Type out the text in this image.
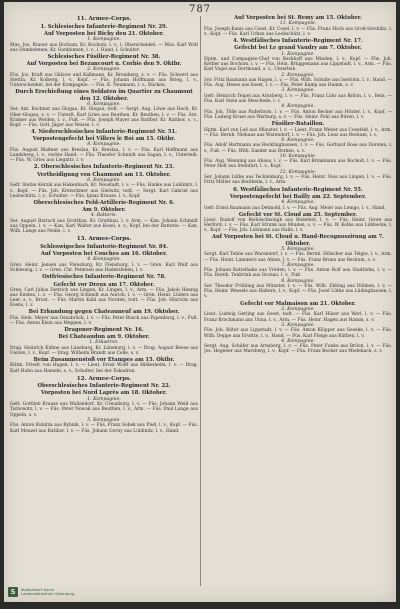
787
11. Armee-Corps.
1. Schlesisches Infanterie-Regiment Nr. 29.
Auf Vorposten bei Bichy den 21. Oktober.
1. Kompagnie.
Mus. Jos. Brauer aus Bochum, Kr. Bochum, l. v., l. Oberschenkel. — Mus. Karl Wolf aus Dumkehmen, Kr. Gumbinnen, l. v., l. Hand, l. Schulter.
Schlesisches Füsilier-Regiment Nr. 38.
Auf Vorposten bei Bezancourt u. Corbie den 9. Oktbr.
2. Kompagnie.
Füs. Jos. Kraft aus Gülzow und Kallmann, Kr. Bromberg, s. v. — Füs. Schwert aus Stettin, Kr. Kolberg, l. v., Kopf. — Füs. Johann Hoffmann aus Brieg, l. v., Unterschenkel, bei der Kompagnie. — Füs. K. Neumann, l. v., Rücken.
Durch Erschießung eines Soldaten im Quartier zu Chaumont den 12. Oktober.
6. Kompagnie.
Ser. Ant. Buchner aus Glogau, Kr. Glogau, todt. — Sergt. Aug. Löwe aus Hoch, Kr. Ober-Glogau, s. v. — Unterlt. Karl Gries aus Beuthen, Kr. Beuthen, l. v. — Füs. Arn. Kramer aus Weiden, l. v., Fuß. — Füs. Joseph Mayer aus Ratibor, Kr. Ratibor, s. v., Kopf. — Füs. Gott. Jäger aus Neisse, l. v.
4. Niederschlesisches Infanterie-Regiment Nr. 51.
Vorpostengefecht bei Villers le Roi am 15. Oktbr.
8. Kompagnie.
Füs. August Blaßner aus Breslau, Kr. Breslau, l. v. — Füs. Karl Hoffmann aus Landsberg, l. v., rechte Hand. — Füs. Theodor Schmidt aus Sagan, l. v., Unterleib. — Füs. W. Gries aus Liegnitz, l. v.
2. Oberschlesisches Infanterie-Regiment Nr. 23.
Vertheidigung von Chaumont am 13. Oktober.
6. Kompagnie.
Gefr. Stefan Kerzik aus Hakenbach, Kr. Neustadt, l. v. — Füs. Hanke aus Lublinitz, l. v., Kopf. — Füs. Joh. Kretschmer aus Gleiwitz, todt. — Sergt. Karl Gabriel aus Leobschütz, l. v., Schulter. — Füs. Ignaz Krause, l. v., Kopf.
Oberschlesisches Feld-Artillerie-Regiment Nr. 6.
Am 9. Oktober.
4. Batterie.
Ser. August Bartsch aus Grottkau, Kr. Grottkau, l. v. Arm. — Kan. Johann Schmidt aus Oppeln, l. v. — Kan. Karl Walter aus Kosel, s. v., Kopf, bei der Batterie. — Kan. Wilh. Lange aus Neiße, l. v.
13. Armee-Corps.
Schleswigsches Infanterie-Regiment Nr. 84.
Auf Vorposten bei Conches am 16. Oktober.
4. Kompagnie.
Gren. Heinr. Jensen aus Flensburg, Kr. Flensburg, l. v. — Gren. Karl Wulf aus Schleswig, l. v. — Gren. Chr. Petersen aus Hadersleben, l. v.
Ostfriesisches Infanterie-Regiment Nr. 78.
Gefecht vor Dreux am 17. Oktober.
Gren. Carl Julius Dietrich aus Lingen, Kr. Lingen, l. v., Arm. — Füs. Jakob Hennig aus Emden, l. v. — Füs. Georg Schmidt aus Aurich, l. v. — Gren. Heinr. Lüders aus Leer, s. v., Brust. — Füs. Martin Kahl aus Norden, todt. — Füs. Joh. Hinrichs aus Esens, l. v.
Bei Erkundung gegen Chateauneuf am 19. Oktober.
Füs. Hein. Meyer aus Osnabrück, l. v. — Füs. Peter Busch aus Papenburg, l. v., Fuß. — Füs. Anton Klein aus Meppen, l. v.
Dragoner-Regiment Nr. 16.
Bei Chateaudun am 9. Oktober.
1. Eskadron.
Drag. Heinrich Kühne aus Lüneburg, Kr. Lüneburg, l. v. — Drag. August Reese aus Uelzen, l. v., Kopf. — Drag. Wilhelm Brandt aus Celle, s. v.
Beim Zusammenstoß vor Etampes am 15. Oktbr.
Rittm. Friedr. von Hagen, l. v. — Lieut. Ernst Wolff aus Hildesheim, l. v. — Drag. Karl Hahn aus Hameln, s. v., Schulter, bei der Eskadron.
12. Armee-Corps.
Oberschlesisches Infanterie-Regiment Nr. 22.
Vorposten bei Nord Laprès am 18. Oktober.
1. Kompagnie.
Gefr. Gottlieb Krause aus Wallendorf, Kr. Creuzburg, l. v. — Füs. Johann Weiß aus Tarnowitz, l. v. — Füs. Peter Nowak aus Beuthen, l. v., Arm. — Füs. Paul Lange aus Oppeln, s. v.
5. Kompagnie.
Füs. Anton Kubitza aus Rybnik, l. v. — Füs. Franz Sobek aus Pleß, l. v., Kopf. — Füs. Karl Menzel aus Ratibor, l. v. — Füs. Johann Gorny aus Lublinitz, l. v., Hand.
Auf Vorposten bei St. Remy am 15. Oktober.
11. Kompagnie.
Füs. Joseph Kanis aus Cosel, Kr. Cosel, l. v. — Füs. Franz Hoch aus Groß-Strehlitz, l. v., Kopf. — Füs. Karl Urban aus Leobschütz, l. v.
4. Westfälisches Infanterie-Regiment Nr. 17.
Gefecht bei Le grand Vaudry am 7. Oktober.
1. Kompagnie.
Hptm. und Compagnie-Chef von Beckhoff aus Minden, l. v., Kopf. — Füs. Joh. Kettler aus Bochum, l. v. — Füs. Hein. Brüggemann aus Lippstadt, l. v., Arm. — Füs. Karl Vogel aus Dortmund, s. v., Unterleib.
2. Kompagnie.
Ser. Fritz Baumann aus Hagen, l. v. — Füs. Wilh. Schulte aus Iserlohn, l. v., Hand. — Füs. Aug. Hesse aus Soest, l. v. — Füs. Peter Kamp aus Hamm, s. v.
3. Kompagnie.
Gefr. Heinrich Teipel aus Arnsberg, l. v. — Füs. Franz Löhr aus Brilon, l. v., Bein. — Füs. Karl Stein aus Meschede, l. v.
4. Kompagnie.
Füs. Joh. Tölle aus Paderborn, l. v. — Füs. Anton Becker aus Höxter, l. v., Kopf. — Füs. Ludwig Kruse aus Warburg, s. v. — Füs. Heinr. Pohl aus Büren, l. v.
Füsilier-Bataillon.
Hptm. Karl von Loë aus Münster, l. v. — Lieut. Franz Weber aus Coesfeld, l. v., Arm. — Füs. Bernh. Niehaus aus Warendorf, l. v. — Füs. Joh. Lenz aus Beckum, l. v.
9. Kompagnie.
Füs. Adolf Hartmann aus Recklinghausen, l. v. — Füs. Gerhard Rose aus Dorsten, l. v., Fuß. — Füs. Wilh. Sander aus Borken, s. v.
10. Kompagnie.
Füs. Aug. Wenning aus Ahaus, l. v. — Füs. Karl Brinkmann aus Bocholt, l. v. — Füs. Peter Holt aus Steinfurt, l. v., Kopf.
12. Kompagnie.
Ser. Johann Lütke aus Tecklenburg, l. v. — Füs. Heinr. Voss aus Lingen, l. v. — Füs. Fritz Möller aus Bentheim, l. v., Arm.
6. Westfälisches Infanterie-Regiment Nr. 55.
Vorpostengefecht bei Bailly am 22. September.
4. Kompagnie.
Gefr. Ernst Baumann aus Detmold, l. v. — Füs. Aug. Meier aus Lemgo, l. v., Hand.
Gefecht vor St. Cloud am 25. September.
Lieut. Rudolf von Bodelschwingh aus Bielefeld, l. v. — Füs. Heinr. Grote aus Herford, l. v. — Füs. Karl Strunk aus Minden, s. v. — Füs. W. Kolbe aus Lübbecke, l. v., Kopf. — Füs. Joh. Lohmann aus Halle, l. v.
Auf Vorposten bei St. Cloud u. Hand-Recognoszirung am 7. Oktober.
5. Kompagnie.
Sergt. Karl Tebbe aus Warendorf, l. v. — Füs. Bernh. Hölscher aus Telgte, l. v., Arm. — Füs. Heinr. Lammers aus Ahlen, l. v. — Füs. Franz Brune aus Beckum, s. v.
7. Kompagnie.
Füs. Johann Kettelhake aus Vreden, l. v. — Füs. Anton Rolf aus Stadtlohn, l. v. — Füs. Bernh. Tenbrink aus Gronau, l. v., Fuß.
8. Kompagnie.
Ser. Theodor Frühling aus Münster, l. v. — Füs. Wilh. Ebbing aus Dülmen, l. v. — Füs. Heinr. Wessels aus Haltern, l. v., Kopf. — Füs. Josef Lütke aus Lüdinghausen, l. v.
Gefecht vor Malmaison am 21. Oktober.
2. Kompagnie.
Lieut. Ludwig Gerling aus Soest, todt. — Füs. Karl Hüser aus Werl, l. v. — Füs. Franz Brockmann aus Unna, l. v., Arm. — Füs. Heinr. Hagen aus Hamm, s. v.
3. Kompagnie.
Füs. Joh. Rüter aus Lippstadt, l. v. — Füs. Anton Klöpper aus Geseke, l. v. — Füs. Wilh. Deppe aus Erwitte, l. v., Hand. — Füs. Karl Fleige aus Rüthen, l. v.
4. Kompagnie.
Sergt. Aug. Schäfer aus Arnsberg, l. v. — Füs. Peter Funke aus Brilon, l. v. — Füs. Jos. Hegener aus Marsberg, l. v., Kopf. — Füs. Franz Becker aus Medebach, s. v.
S	digitalisiert durch
Landesbibliothek Oldenburg
